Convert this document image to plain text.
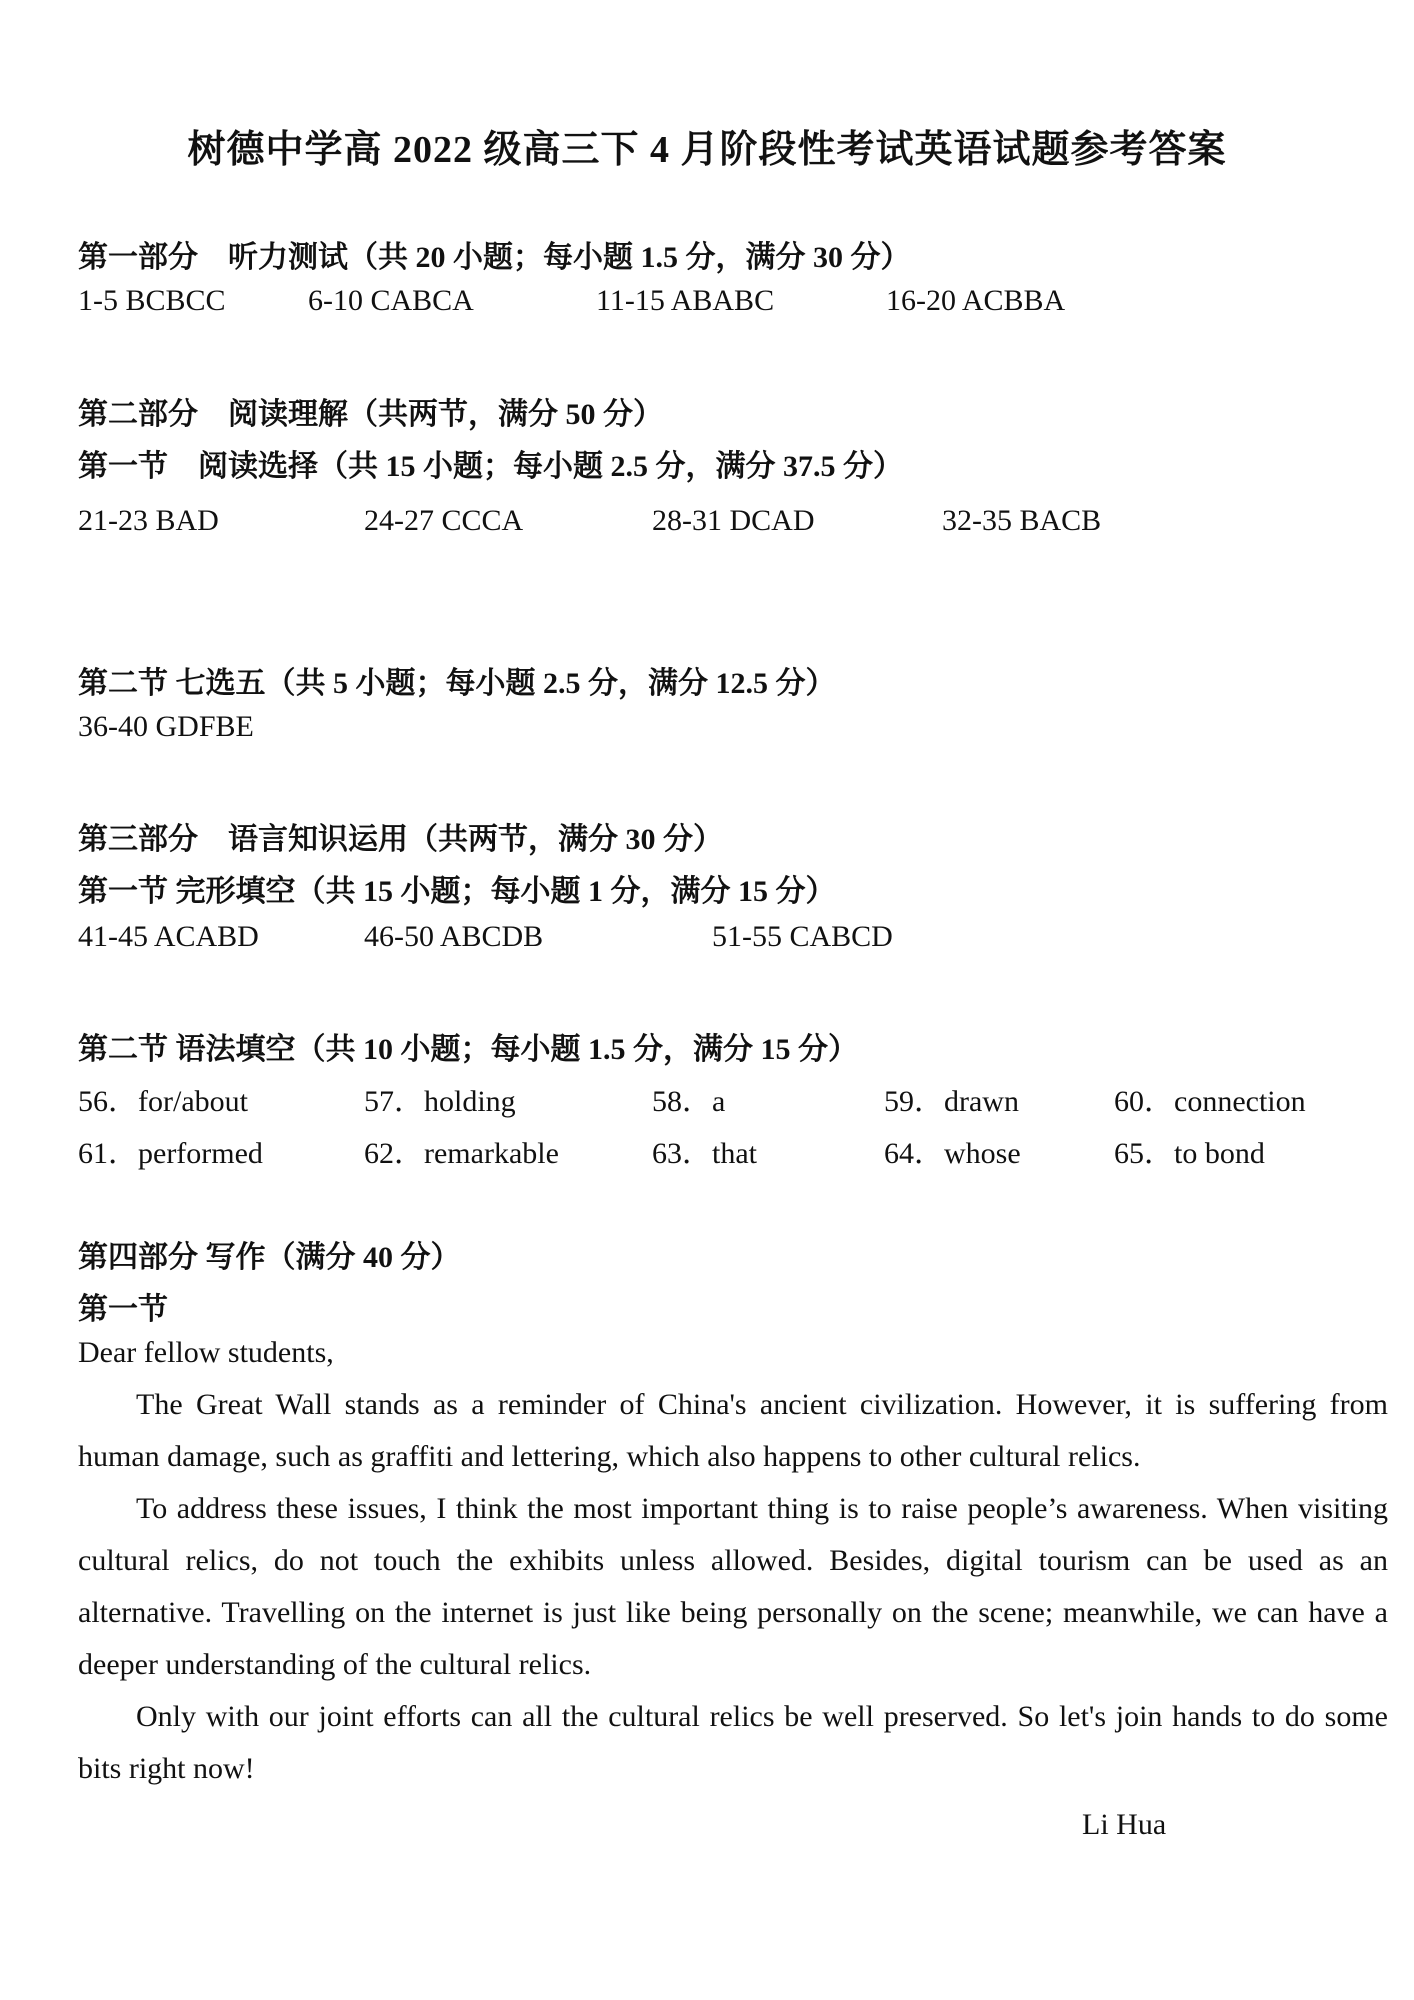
树德中学高 2022 级高三下 4 月阶段性考试英语试题参考答案
第一部分　听力测试（共 20 小题；每小题 1.5 分，满分 30 分）
1-5 BCBCC	6-10 CABCA	11-15 ABABC	16-20 ACBBA
第二部分　阅读理解（共两节，满分 50 分）
第一节　阅读选择（共 15 小题；每小题 2.5 分，满分 37.5 分）
21-23 BAD	24-27 CCCA	28-31 DCAD	32-35 BACB
第二节 七选五（共 5 小题；每小题 2.5 分，满分 12.5 分）
36-40 GDFBE
第三部分　语言知识运用（共两节，满分 30 分）
第一节 完形填空（共 15 小题；每小题 1 分，满分 15 分）
41-45 ACABD	46-50 ABCDB	51-55 CABCD
第二节 语法填空（共 10 小题；每小题 1.5 分，满分 15 分）
56．for/about	57．holding	58．a	59．drawn	60．connection
61．performed	62．remarkable	63．that	64．whose	65．to bond
第四部分 写作（满分 40 分）
第一节
Dear fellow students,
The Great Wall stands as a reminder of China's ancient civilization. However, it is suffering from human damage, such as graffiti and lettering, which also happens to other cultural relics.
To address these issues, I think the most important thing is to raise people’s awareness. When visiting cultural relics, do not touch the exhibits unless allowed. Besides, digital tourism can be used as an alternative. Travelling on the internet is just like being personally on the scene; meanwhile, we can have a deeper understanding of the cultural relics.
Only with our joint efforts can all the cultural relics be well preserved. So let's join hands to do some bits right now!
Li Hua
